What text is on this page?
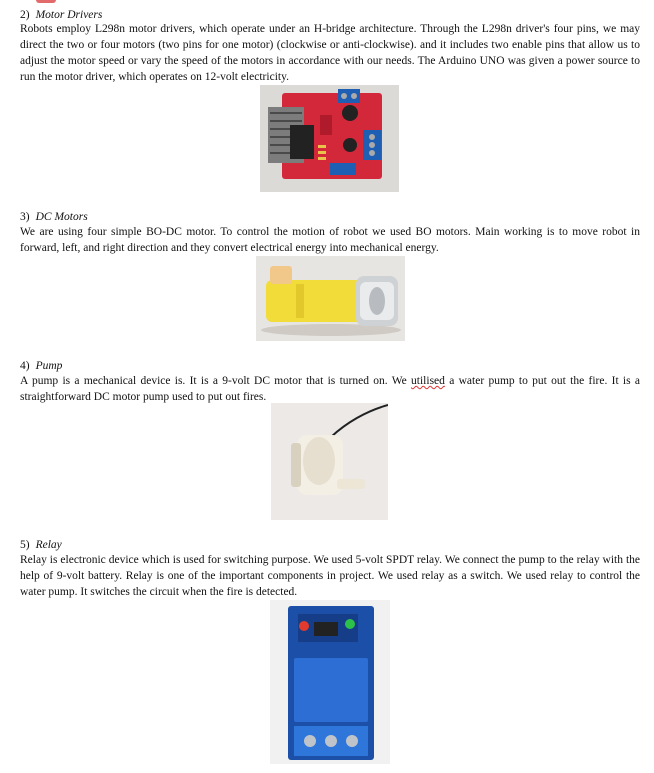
2) Motor Drivers
Robots employ L298n motor drivers, which operate under an H-bridge architecture. Through the L298n driver's four pins, we may direct the two or four motors (two pins for one motor) (clockwise or anti-clockwise). and it includes two enable pins that allow us to adjust the motor speed or vary the speed of the motors in accordance with our needs. The Arduino UNO was given a power source to run the motor driver, which operates on 12-volt electricity.
3) DC Motors
We are using four simple BO-DC motor. To control the motion of robot we used BO motors. Main working is to move robot in forward, left, and right direction and they convert electrical energy into mechanical energy.
4) Pump
A pump is a mechanical device is. It is a 9-volt DC motor that is turned on. We utilised a water pump to put out the fire. It is a straightforward DC motor pump used to put out fires.
5) Relay
Relay is electronic device which is used for switching purpose. We used 5-volt SPDT relay. We connect the pump to the relay with the help of 9-volt battery. Relay is one of the important components in project. We used relay as a switch. We used relay to control the water pump. It switches the circuit when the fire is detected.
